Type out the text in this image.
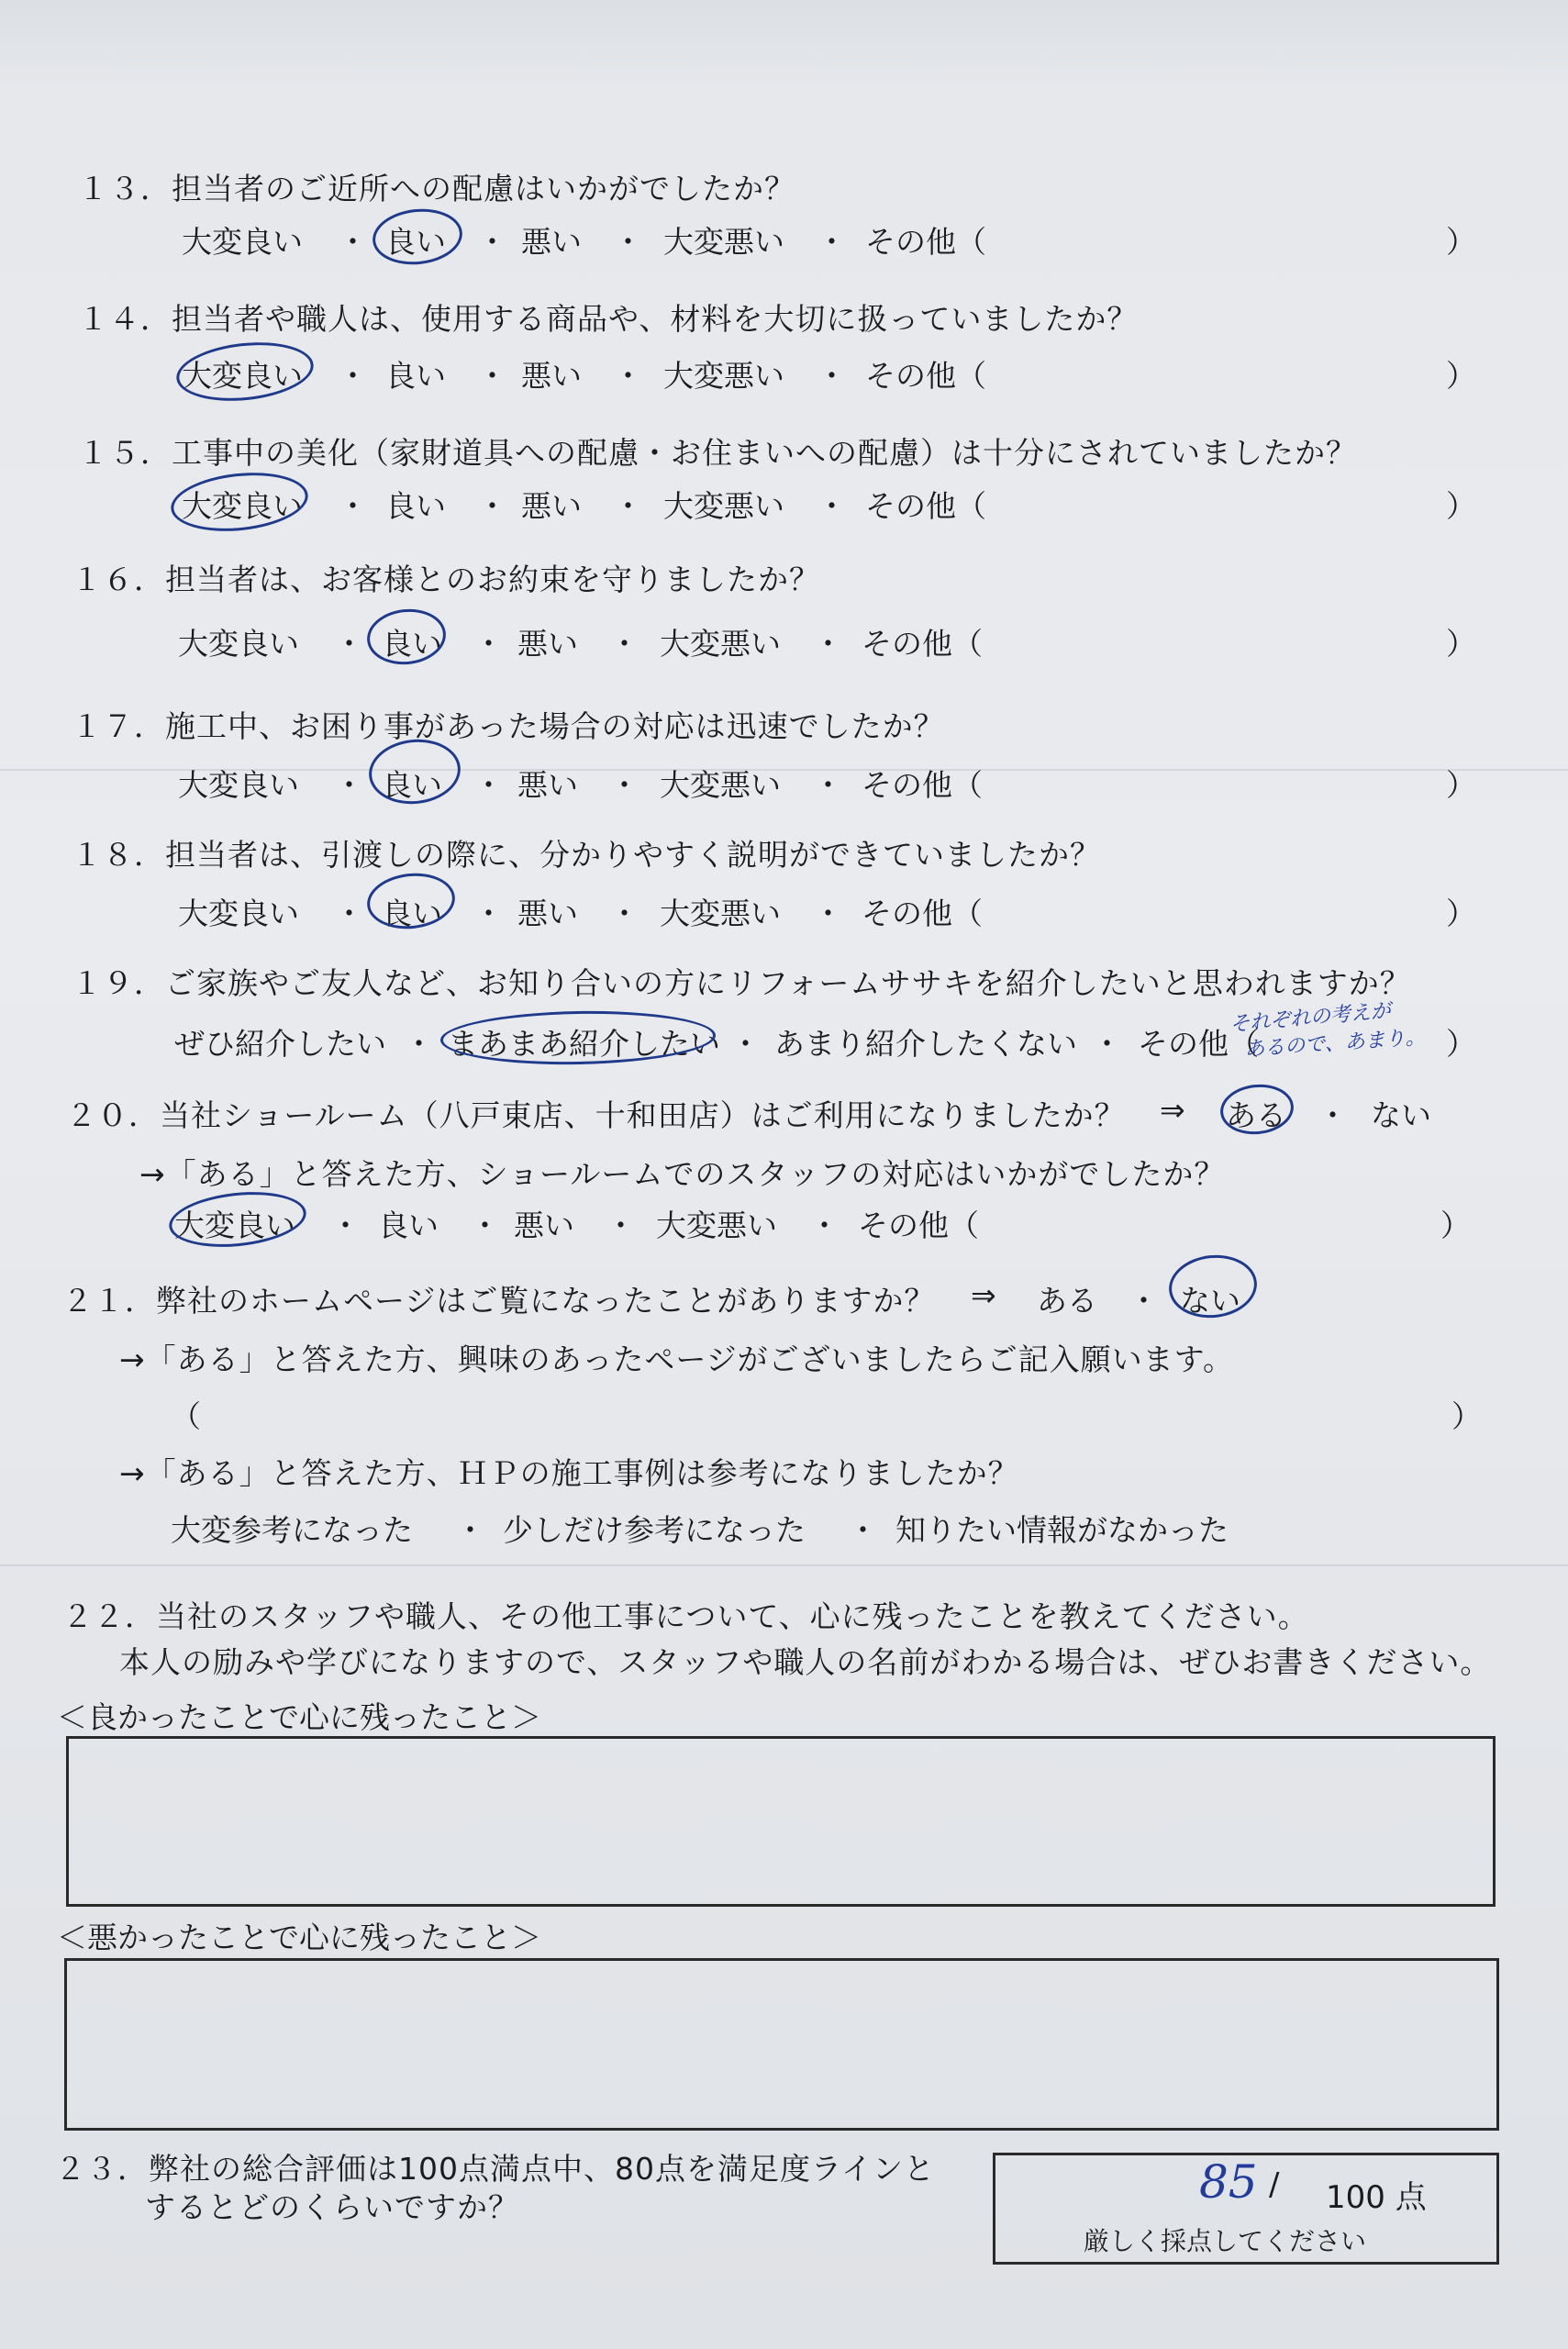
１３．担当者のご近所への配慮はいかがでしたか？
大変良い ・ 良い ・ 悪い ・ 大変悪い ・ その他（	）
１４．担当者や職人は、使用する商品や、材料を大切に扱っていましたか？
大変良い ・ 良い ・ 悪い ・ 大変悪い ・ その他（	）
１５．工事中の美化（家財道具への配慮・お住まいへの配慮）は十分にされていましたか？
大変良い ・ 良い ・ 悪い ・ 大変悪い ・ その他（	）
１６．担当者は、お客様とのお約束を守りましたか？
大変良い ・ 良い ・ 悪い ・ 大変悪い ・ その他（	）
１７．施工中、お困り事があった場合の対応は迅速でしたか？
大変良い ・ 良い ・ 悪い ・ 大変悪い ・ その他（	）
１８．担当者は、引渡しの際に、分かりやすく説明ができていましたか？
大変良い ・ 良い ・ 悪い ・ 大変悪い ・ その他（	）
１９．ご家族やご友人など、お知り合いの方にリフォームササキを紹介したいと思われますか？
ぜひ紹介したい ・ まあまあ紹介したい ・ あまり紹介したくない ・ その他（	）
それぞれの考えが
あるので、あまり。
２０．当社ショールーム（八戸東店、十和田店）はご利用になりましたか？ ⇒ ある ・ ない
→「ある」と答えた方、ショールームでのスタッフの対応はいかがでしたか？
大変良い ・ 良い ・ 悪い ・ 大変悪い ・ その他（	）
２１．弊社のホームページはご覧になったことがありますか？ ⇒ ある ・ ない
→「ある」と答えた方、興味のあったページがございましたらご記入願います。
（	）
→「ある」と答えた方、ＨＰの施工事例は参考になりましたか？
大変参考になった ・ 少しだけ参考になった ・ 知りたい情報がなかった
２２．当社のスタッフや職人、その他工事について、心に残ったことを教えてください。
本人の励みや学びになりますので、スタッフや職人の名前がわかる場合は、ぜひお書きください。
＜良かったことで心に残ったこと＞
＜悪かったことで心に残ったこと＞
２３．弊社の総合評価は100点満点中、80点を満足度ラインと
するとどのくらいですか？	85 / 100 点
厳しく採点してください
